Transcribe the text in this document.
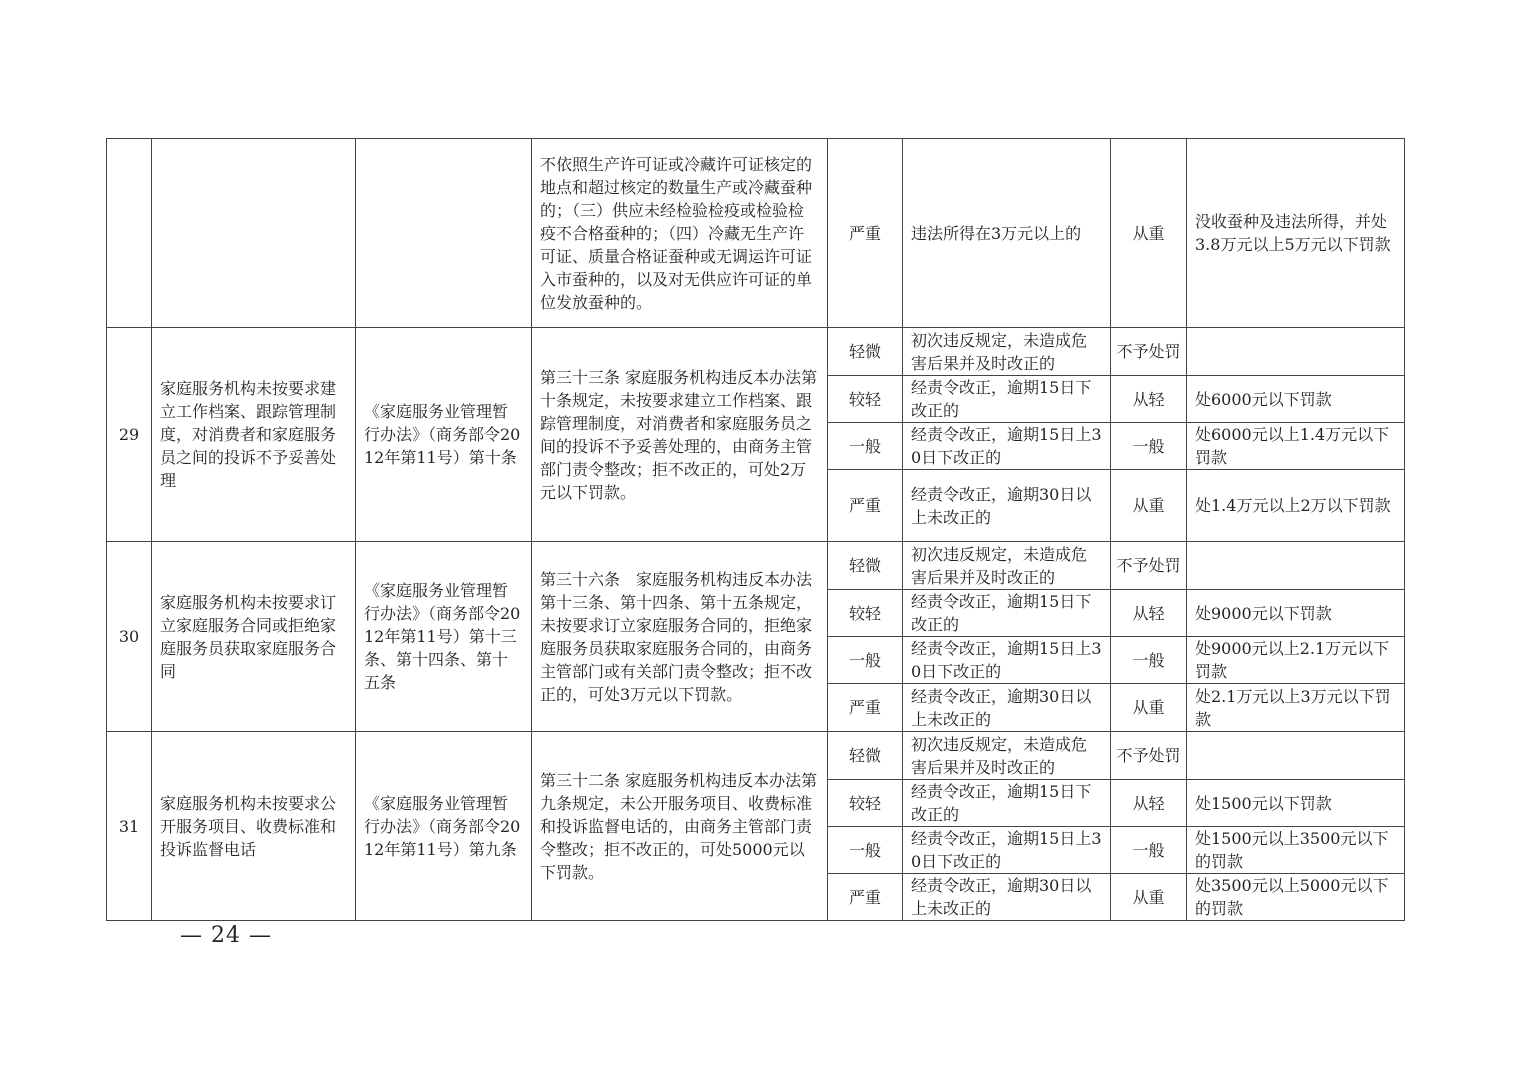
			不依照生产许可证或冷藏许可证核定的地点和超过核定的数量生产或冷藏蚕种的；（三）供应未经检验检疫或检验检疫不合格蚕种的；（四）冷藏无生产许可证、质量合格证蚕种或无调运许可证入市蚕种的，以及对无供应许可证的单位发放蚕种的。	严重	违法所得在3万元以上的	从重	没收蚕种及违法所得，并处3.8万元以上5万元以下罚款
29	家庭服务机构未按要求建立工作档案、跟踪管理制度，对消费者和家庭服务员之间的投诉不予妥善处理	《家庭服务业管理暂行办法》（商务部令2012年第11号）第十条	第三十三条 家庭服务机构违反本办法第十条规定，未按要求建立工作档案、跟踪管理制度，对消费者和家庭服务员之间的投诉不予妥善处理的，由商务主管部门责令整改；拒不改正的，可处2万元以下罚款。	轻微	初次违反规定，未造成危害后果并及时改正的	不予处罚	
				较轻	经责令改正，逾期15日下改正的	从轻	处6000元以下罚款
				一般	经责令改正，逾期15日上30日下改正的	一般	处6000元以上1.4万元以下罚款
				严重	经责令改正，逾期30日以上未改正的	从重	处1.4万元以上2万以下罚款
30	家庭服务机构未按要求订立家庭服务合同或拒绝家庭服务员获取家庭服务合同	《家庭服务业管理暂行办法》（商务部令2012年第11号）第十三条、第十四条、第十五条	第三十六条　家庭服务机构违反本办法第十三条、第十四条、第十五条规定，未按要求订立家庭服务合同的，拒绝家庭服务员获取家庭服务合同的，由商务主管部门或有关部门责令整改；拒不改正的，可处3万元以下罚款。	轻微	初次违反规定，未造成危害后果并及时改正的	不予处罚	
				较轻	经责令改正，逾期15日下改正的	从轻	处9000元以下罚款
				一般	经责令改正，逾期15日上30日下改正的	一般	处9000元以上2.1万元以下罚款
				严重	经责令改正，逾期30日以上未改正的	从重	处2.1万元以上3万元以下罚款
31	家庭服务机构未按要求公开服务项目、收费标准和投诉监督电话	《家庭服务业管理暂行办法》（商务部令2012年第11号）第九条	第三十二条 家庭服务机构违反本办法第九条规定，未公开服务项目、收费标准和投诉监督电话的，由商务主管部门责令整改；拒不改正的，可处5000元以下罚款。	轻微	初次违反规定，未造成危害后果并及时改正的	不予处罚	
				较轻	经责令改正，逾期15日下改正的	从轻	处1500元以下罚款
				一般	经责令改正，逾期15日上30日下改正的	一般	处1500元以上3500元以下的罚款
				严重	经责令改正，逾期30日以上未改正的	从重	处3500元以上5000元以下的罚款
— 24 —
